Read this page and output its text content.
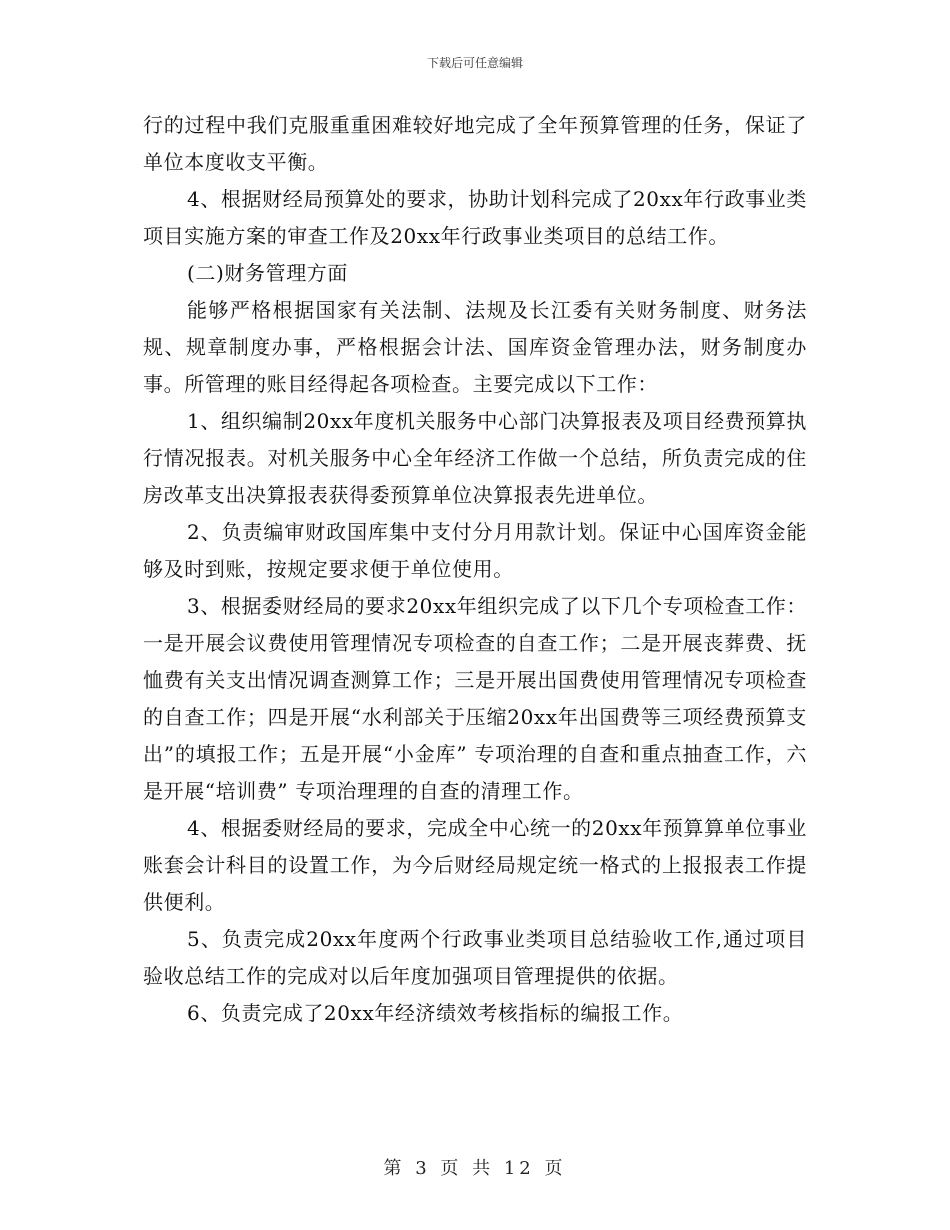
下载后可任意编辑

行的过程中我们克服重重困难较好地完成了全年预算管理的任务，保证了单位本度收支平衡。

4、根据财经局预算处的要求，协助计划科完成了20xx年行政事业类项目实施方案的审查工作及20xx年行政事业类项目的总结工作。

(二)财务管理方面

能够严格根据国家有关法制、法规及长江委有关财务制度、财务法规、规章制度办事，严格根据会计法、国库资金管理办法，财务制度办事。所管理的账目经得起各项检查。主要完成以下工作：

1、组织编制20xx年度机关服务中心部门决算报表及项目经费预算执行情况报表。对机关服务中心全年经济工作做一个总结，所负责完成的住房改革支出决算报表获得委预算单位决算报表先进单位。

2、负责编审财政国库集中支付分月用款计划。保证中心国库资金能够及时到账，按规定要求便于单位使用。

3、根据委财经局的要求20xx年组织完成了以下几个专项检查工作：一是开展会议费使用管理情况专项检查的自查工作；二是开展丧葬费、抚恤费有关支出情况调查测算工作；三是开展出国费使用管理情况专项检查的自查工作；四是开展“水利部关于压缩20xx年出国费等三项经费预算支出”的填报工作；五是开展“小金库” 专项治理的自查和重点抽查工作，六是开展“培训费” 专项治理理的自查的清理工作。

4、根据委财经局的要求，完成全中心统一的20xx年预算算单位事业账套会计科目的设置工作，为今后财经局规定统一格式的上报报表工作提供便利。

5、负责完成20xx年度两个行政事业类项目总结验收工作,通过项目验收总结工作的完成对以后年度加强项目管理提供的依据。

6、负责完成了20xx年经济绩效考核指标的编报工作。

第 3 页 共 12 页
